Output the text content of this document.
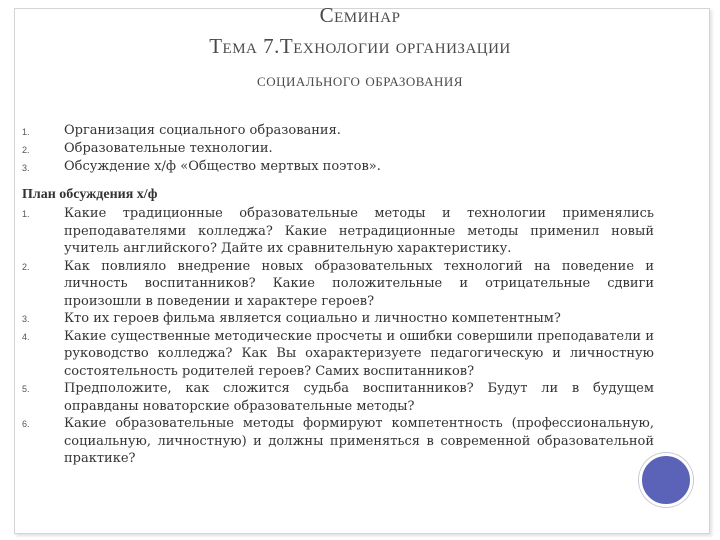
Семинар
Тема 7.Технологии организации
социального образования
1.	Организация социального образования.
2.	Образовательные технологии.
3.	Обсуждение х/ф «Общество мертвых поэтов».
План обсуждения х/ф
1.	Какие традиционные образовательные методы и технологии применялись преподавателями колледжа? Какие нетрадиционные методы применил новый учитель английского? Дайте их сравнительную характеристику.
2.	Как повлияло внедрение новых образовательных технологий на поведение и личность воспитанников? Какие положительные и отрицательные сдвиги произошли в поведении и характере героев?
3.	Кто их героев фильма является социально и личностно компетентным?
4.	Какие существенные методические просчеты и ошибки совершили преподаватели и руководство колледжа? Как Вы охарактеризуете педагогическую и личностную состоятельность родителей героев? Самих воспитанников?
5.	Предположите, как сложится судьба воспитанников? Будут ли в будущем оправданы новаторские образовательные методы?
6.	Какие образовательные методы формируют компетентность (профессиональную, социальную, личностную) и должны применяться в современной образовательной практике?
